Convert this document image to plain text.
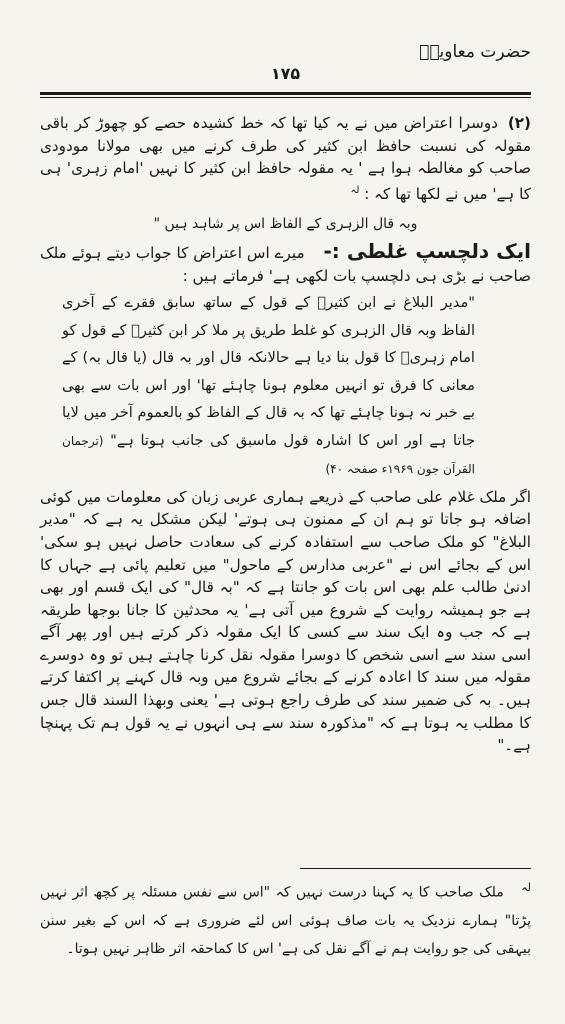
حضرت معاویہؓ
۱۷۵

(۲) دوسرا اعتراض میں نے یہ کیا تھا کہ خط کشیدہ حصے کو چھوڑ کر باقی مقولہ کی نسبت حافظ ابن کثیر کی طرف کرنے میں بھی مولانا مودودی صاحب کو مغالطہ ہوا ہے ' یہ مقولہ حافظ ابن کثیر کا نہیں 'امام زہری' ہی کا ہے' میں نے لکھا تھا کہ : $^{لہ}$

وبہ قال الزہری کے الفاظ اس پر شاہد ہیں "

ایک دلچسپ غلطی :- میرے اس اعتراض کا جواب دیتے ہوئے ملک صاحب نے بڑی ہی دلچسپ بات لکھی ہے' فرماتے ہیں :

"مدیر البلاغ نے ابن کثیرؒ کے قول کے ساتھ سابق فقرے کے آخری الفاظ وبہ قال الزہری کو غلط طریق پر ملا کر ابن کثیرؒ کے قول کو امام زہریؒ کا قول بنا دیا ہے حالانکہ قال اور بہ قال (یا قال بہ) کے معانی کا فرق تو انہیں معلوم ہونا چاہئے تھا' اور اس بات سے بھی بے خبر نہ ہونا چاہئے تھا کہ بہ قال کے الفاظ کو بالعموم آخر میں لایا جاتا ہے اور اس کا اشارہ قول ماسبق کی جانب ہوتا ہے" (ترجمان القرآن جون ۱۹۶۹ء صفحہ ۴۰)

اگر ملک غلام علی صاحب کے ذریعے ہماری عربی زبان کی معلومات میں کوئی اضافہ ہو جاتا تو ہم ان کے ممنون ہی ہوتے' لیکن مشکل یہ ہے کہ "مدیر البلاغ" کو ملک صاحب سے استفادہ کرنے کی سعادت حاصل نہیں ہو سکی' اس کے بجائے اس نے "عربی مدارس کے ماحول" میں تعلیم پائی ہے جہاں کا ادنیٰ طالب علم بھی اس بات کو جانتا ہے کہ "بہ قال" کی ایک قسم اور بھی ہے جو ہمیشہ روایت کے شروع میں آتی ہے' یہ محدثین کا جانا بوجھا طریقہ ہے کہ جب وہ ایک سند سے کسی کا ایک مقولہ ذکر کرتے ہیں اور پھر آگے اسی سند سے اسی شخص کا دوسرا مقولہ نقل کرنا چاہتے ہیں تو وہ دوسرے مقولہ میں سند کا اعادہ کرنے کے بجائے شروع میں وبہ قال کہنے پر اکتفا کرتے ہیں۔ بہ کی ضمیر سند کی طرف راجع ہوتی ہے' یعنی وبھذا السند قال جس کا مطلب یہ ہوتا ہے کہ "مذکورہ سند سے ہی انہوں نے یہ قول ہم تک پہنچا ہے۔"

$^{لہ}$ ملک صاحب کا یہ کہنا درست نہیں کہ "اس سے نفس مسئلہ پر کچھ اثر نہیں پڑتا" ہمارے نزدیک یہ بات صاف ہوئی اس لئے ضروری ہے کہ اس کے بغیر سنن بیہقی کی جو روایت ہم نے آگے نقل کی ہے' اس کا کماحقہ اثر ظاہر نہیں ہوتا۔
